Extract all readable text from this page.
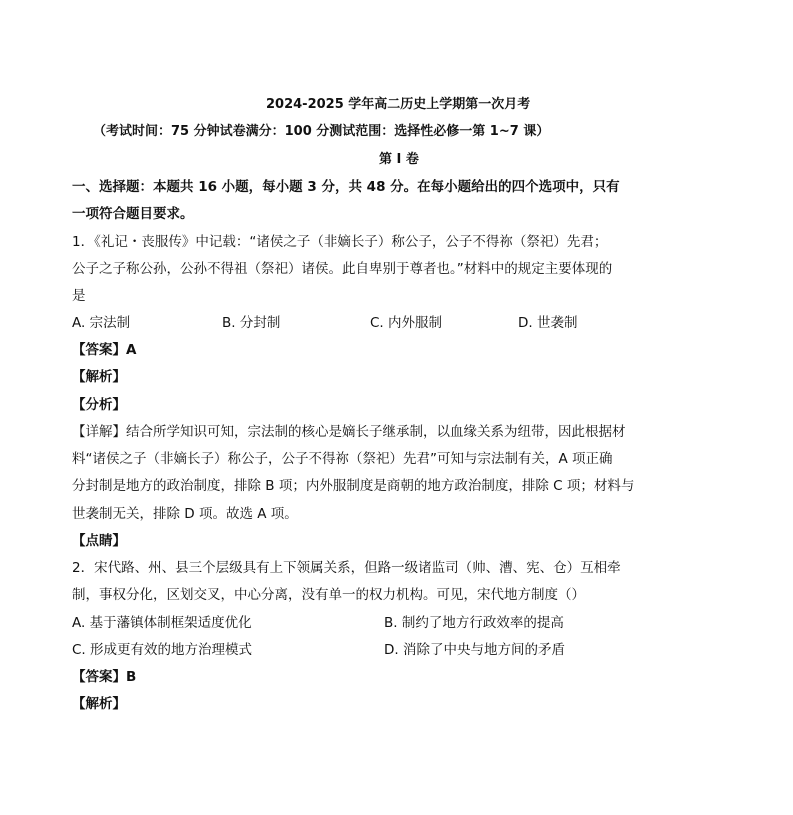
2024-2025 学年高二历史上学期第一次月考
（考试时间：75 分钟试卷满分：100 分测试范围：选择性必修一第 1~7 课）
第 I 卷
一、选择题：本题共 16 小题，每小题 3 分，共 48 分。在每小题给出的四个选项中，只有
一项符合题目要求。
1．《礼记・丧服传》中记载：“诸侯之子（非嫡长子）称公子，公子不得祢（祭祀）先君；
公子之子称公孙，公孙不得祖（祭祀）诸侯。此自卑别于尊者也。”材料中的规定主要体现的
是
A. 宗法制	B. 分封制	C. 内外服制	D. 世袭制
【答案】A
【解析】
【分析】
【详解】结合所学知识可知，宗法制的核心是嫡长子继承制，以血缘关系为纽带，因此根据材
料“诸侯之子（非嫡长子）称公子，公子不得祢（祭祀）先君”可知与宗法制有关，A 项正确
分封制是地方的政治制度，排除 B 项；内外服制度是商朝的地方政治制度，排除 C 项；材料与
世袭制无关，排除 D 项。故选 A 项。
【点睛】
2．宋代路、州、县三个层级具有上下领属关系，但路一级诸监司（帅、漕、宪、仓）互相牵
制，事权分化，区划交叉，中心分离，没有单一的权力机构。可见，宋代地方制度（）
A. 基于藩镇体制框架适度优化	B. 制约了地方行政效率的提高
C. 形成更有效的地方治理模式	D. 消除了中央与地方间的矛盾
【答案】B
【解析】
